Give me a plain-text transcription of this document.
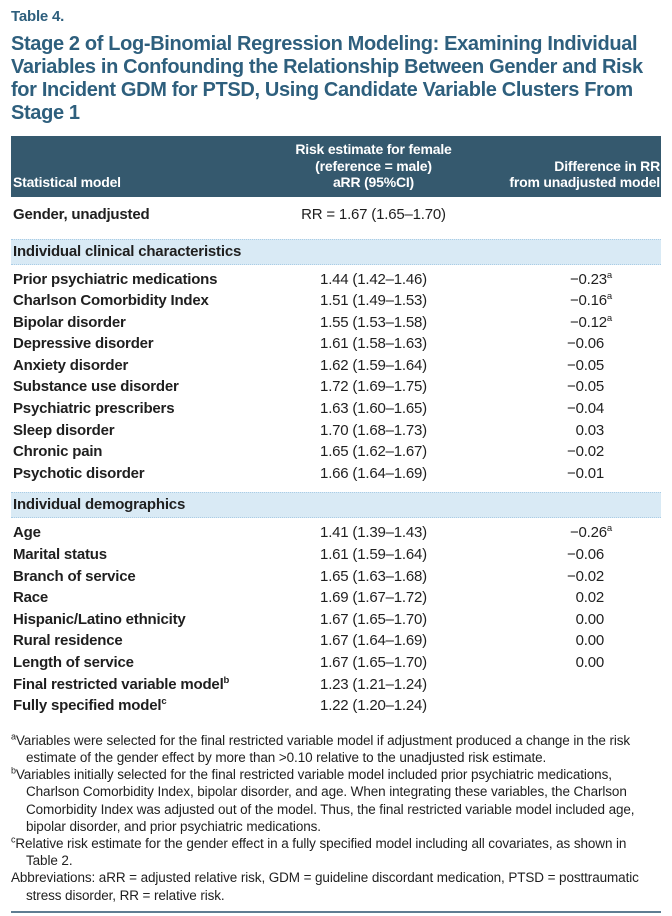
Table 4.
Stage 2 of Log-Binomial Regression Modeling: Examining Individual Variables in Confounding the Relationship Between Gender and Risk for Incident GDM for PTSD, Using Candidate Variable Clusters From Stage 1
Statistical model
Risk estimate for female
(reference = male)
aRR (95%CI)
Difference in RR
from unadjusted model
Gender, unadjusted	RR = 1.67 (1.65–1.70)
Individual clinical characteristics
Prior psychiatric medications	1.44 (1.42–1.46)	−0.23$^a$
Charlson Comorbidity Index	1.51 (1.49–1.53)	−0.16$^a$
Bipolar disorder	1.55 (1.53–1.58)	−0.12$^a$
Depressive disorder	1.61 (1.58–1.63)	−0.06
Anxiety disorder	1.62 (1.59–1.64)	−0.05
Substance use disorder	1.72 (1.69–1.75)	−0.05
Psychiatric prescribers	1.63 (1.60–1.65)	−0.04
Sleep disorder	1.70 (1.68–1.73)	0.03
Chronic pain	1.65 (1.62–1.67)	−0.02
Psychotic disorder	1.66 (1.64–1.69)	−0.01
Individual demographics
Age	1.41 (1.39–1.43)	−0.26$^a$
Marital status	1.61 (1.59–1.64)	−0.06
Branch of service	1.65 (1.63–1.68)	−0.02
Race	1.69 (1.67–1.72)	0.02
Hispanic/Latino ethnicity	1.67 (1.65–1.70)	0.00
Rural residence	1.67 (1.64–1.69)	0.00
Length of service	1.67 (1.65–1.70)	0.00
Final restricted variable model$^b$	1.23 (1.21–1.24)
Fully specified model$^c$	1.22 (1.20–1.24)
$^a$Variables were selected for the final restricted variable model if adjustment produced a change in the risk estimate of the gender effect by more than >0.10 relative to the unadjusted risk estimate.
$^b$Variables initially selected for the final restricted variable model included prior psychiatric medications, Charlson Comorbidity Index, bipolar disorder, and age. When integrating these variables, the Charlson Comorbidity Index was adjusted out of the model. Thus, the final restricted variable model included age, bipolar disorder, and prior psychiatric medications.
$^c$Relative risk estimate for the gender effect in a fully specified model including all covariates, as shown in Table 2.
Abbreviations: aRR = adjusted relative risk, GDM = guideline discordant medication, PTSD = posttraumatic stress disorder, RR = relative risk.
